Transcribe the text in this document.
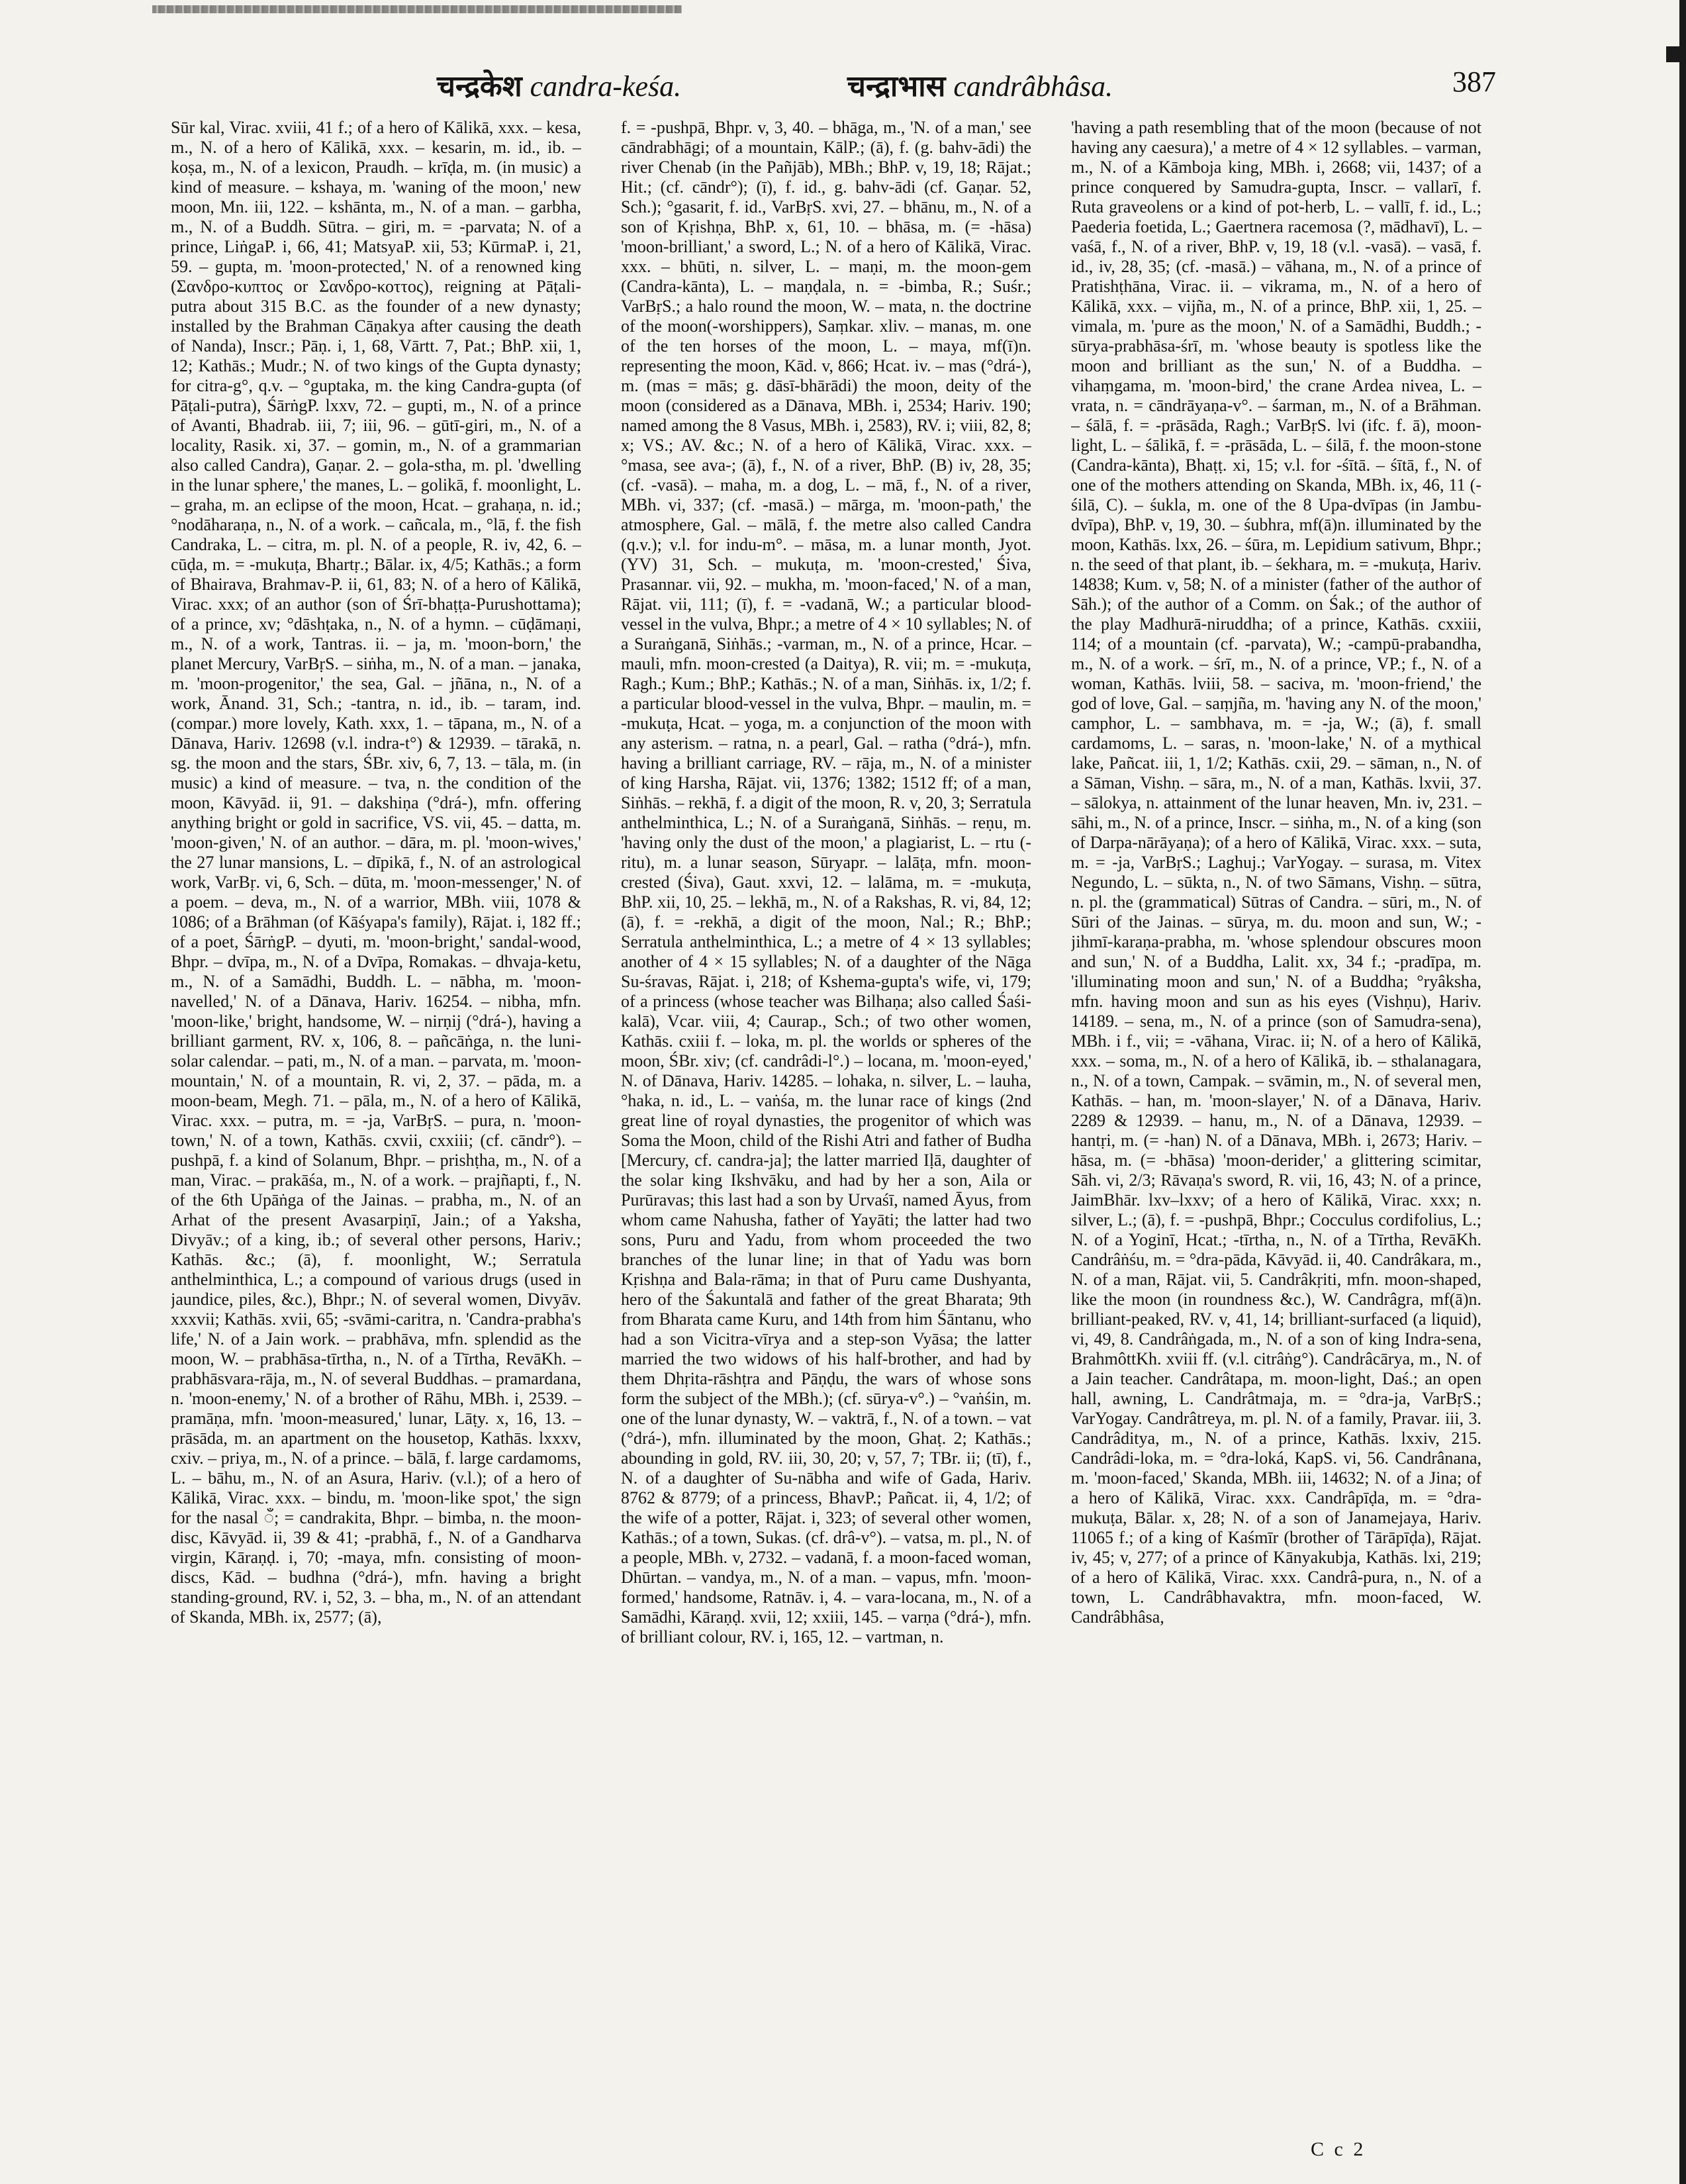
चन्द्रकेश candra-keśa.	चन्द्राभास candrâbhâsa.	387

Sūr kal, Virac. xviii, 41 f.; of a hero of Kālikā, xxx. – kesa, m., N. of a hero of Kālikā, xxx. – kesarin, m. id., ib. – koṣa, m., N. of a lexicon, Praudh. – krīḍa, m. (in music) a kind of measure. – kshaya, m. 'waning of the moon,' new moon, Mn. iii, 122. – kshānta, m., N. of a man. – garbha, m., N. of a Buddh. Sūtra. – giri, m. = -parvata; N. of a prince, LiṅgaP. i, 66, 41; MatsyaP. xii, 53; KūrmaP. i, 21, 59. – gupta, m. 'moon-protected,' N. of a renowned king (Σανδρο-κυπτος or Σανδρο-κοττος), reigning at Pāṭali-putra about 315 B.C. as the founder of a new dynasty; installed by the Brahman Cāṇakya after causing the death of Nanda), Inscr.; Pāṇ. i, 1, 68, Vārtt. 7, Pat.; BhP. xii, 1, 12; Kathās.; Mudr.; N. of two kings of the Gupta dynasty; for citra-g°, q.v. – °guptaka, m. the king Candra-gupta (of Pāṭali-putra), ŚārṅgP. lxxv, 72. – gupti, m., N. of a prince of Avanti, Bhadrab. iii, 7; iii, 96. – gūtī-giri, m., N. of a locality, Rasik. xi, 37. – gomin, m., N. of a grammarian also called Candra), Gaṇar. 2. – gola-stha, m. pl. 'dwelling in the lunar sphere,' the manes, L. – golikā, f. moonlight, L. – graha, m. an eclipse of the moon, Hcat. – grahaṇa, n. id.; °nodāharaṇa, n., N. of a work. – cañcala, m., °lā, f. the fish Candraka, L. – citra, m. pl. N. of a people, R. iv, 42, 6. – cūḍa, m. = -mukuṭa, Bhartṛ.; Bālar. ix, 4/5; Kathās.; a form of Bhairava, Brahmav-P. ii, 61, 83; N. of a hero of Kālikā, Virac. xxx; of an author (son of Śrī-bhaṭṭa-Purushottama); of a prince, xv; °dāshṭaka, n., N. of a hymn. – cūḍāmaṇi, m., N. of a work, Tantras. ii. – ja, m. 'moon-born,' the planet Mercury, VarBṛS. – siṅha, m., N. of a man. – janaka, m. 'moon-progenitor,' the sea, Gal. – jñāna, n., N. of a work, Ānand. 31, Sch.; -tantra, n. id., ib. – taram, ind. (compar.) more lovely, Kath. xxx, 1. – tāpana, m., N. of a Dānava, Hariv. 12698 (v.l. indra-t°) & 12939. – tārakā, n. sg. the moon and the stars, ŚBr. xiv, 6, 7, 13. – tāla, m. (in music) a kind of measure. – tva, n. the condition of the moon, Kāvyād. ii, 91. – dakshiṇa (°drá-), mfn. offering anything bright or gold in sacrifice, VS. vii, 45. – datta, m. 'moon-given,' N. of an author. – dāra, m. pl. 'moon-wives,' the 27 lunar mansions, L. – dīpikā, f., N. of an astrological work, VarBṛ. vi, 6, Sch. – dūta, m. 'moon-messenger,' N. of a poem. – deva, m., N. of a warrior, MBh. viii, 1078 & 1086; of a Brāhman (of Kāśyapa's family), Rājat. i, 182 ff.; of a poet, ŚārṅgP. – dyuti, m. 'moon-bright,' sandal-wood, Bhpr. – dvīpa, m., N. of a Dvīpa, Romakas. – dhvaja-ketu, m., N. of a Samādhi, Buddh. L. – nābha, m. 'moon-navelled,' N. of a Dānava, Hariv. 16254. – nibha, mfn. 'moon-like,' bright, handsome, W. – nirṇij (°drá-), having a brilliant garment, RV. x, 106, 8. – pañcāṅga, n. the luni-solar calendar. – pati, m., N. of a man. – parvata, m. 'moon-mountain,' N. of a mountain, R. vi, 2, 37. – pāda, m. a moon-beam, Megh. 71. – pāla, m., N. of a hero of Kālikā, Virac. xxx. – putra, m. = -ja, VarBṛS. – pura, n. 'moon-town,' N. of a town, Kathās. cxvii, cxxiii; (cf. cāndr°). – pushpā, f. a kind of Solanum, Bhpr. – prishṭha, m., N. of a man, Virac. – prakāśa, m., N. of a work. – prajñapti, f., N. of the 6th Upāṅga of the Jainas. – prabha, m., N. of an Arhat of the present Avasarpiṇī, Jain.; of a Yaksha, Divyāv.; of a king, ib.; of several other persons, Hariv.; Kathās. &c.; (ā), f. moonlight, W.; Serratula anthelminthica, L.; a compound of various drugs (used in jaundice, piles, &c.), Bhpr.; N. of several women, Divyāv. xxxvii; Kathās. xvii, 65; -svāmi-caritra, n. 'Candra-prabha's life,' N. of a Jain work. – prabhāva, mfn. splendid as the moon, W. – prabhāsa-tīrtha, n., N. of a Tīrtha, RevāKh. – prabhāsvara-rāja, m., N. of several Buddhas. – pramardana, n. 'moon-enemy,' N. of a brother of Rāhu, MBh. i, 2539. – pramāṇa, mfn. 'moon-measured,' lunar, Lāṭy. x, 16, 13. – prāsāda, m. an apartment on the housetop, Kathās. lxxxv, cxiv. – priya, m., N. of a prince. – bālā, f. large cardamoms, L. – bāhu, m., N. of an Asura, Hariv. (v.l.); of a hero of Kālikā, Virac. xxx. – bindu, m. 'moon-like spot,' the sign for the nasal ँ; = candrakita, Bhpr. – bimba, n. the moon-disc, Kāvyād. ii, 39 & 41; -prabhā, f., N. of a Gandharva virgin, Kāraṇḍ. i, 70; -maya, mfn. consisting of moon-discs, Kād. – budhna (°drá-), mfn. having a bright standing-ground, RV. i, 52, 3. – bha, m., N. of an attendant of Skanda, MBh. ix, 2577; (ā),

f. = -pushpā, Bhpr. v, 3, 40. – bhāga, m., 'N. of a man,' see cāndrabhāgi; of a mountain, KālP.; (ā), f. (g. bahv-ādi) the river Chenab (in the Pañjāb), MBh.; BhP. v, 19, 18; Rājat.; Hit.; (cf. cāndr°); (ī), f. id., g. bahv-ādi (cf. Gaṇar. 52, Sch.); °gasarit, f. id., VarBṛS. xvi, 27. – bhānu, m., N. of a son of Kṛishṇa, BhP. x, 61, 10. – bhāsa, m. (= -hāsa) 'moon-brilliant,' a sword, L.; N. of a hero of Kālikā, Virac. xxx. – bhūti, n. silver, L. – maṇi, m. the moon-gem (Candra-kānta), L. – maṇḍala, n. = -bimba, R.; Suśr.; VarBṛS.; a halo round the moon, W. – mata, n. the doctrine of the moon(-worshippers), Saṃkar. xliv. – manas, m. one of the ten horses of the moon, L. – maya, mf(ī)n. representing the moon, Kād. v, 866; Hcat. iv. – mas (°drá-), m. (mas = mās; g. dāsī-bhārādi) the moon, deity of the moon (considered as a Dānava, MBh. i, 2534; Hariv. 190; named among the 8 Vasus, MBh. i, 2583), RV. i; viii, 82, 8; x; VS.; AV. &c.; N. of a hero of Kālikā, Virac. xxx. – °masa, see ava-; (ā), f., N. of a river, BhP. (B) iv, 28, 35; (cf. -vasā). – maha, m. a dog, L. – mā, f., N. of a river, MBh. vi, 337; (cf. -masā.) – mārga, m. 'moon-path,' the atmosphere, Gal. – mālā, f. the metre also called Candra (q.v.); v.l. for indu-m°. – māsa, m. a lunar month, Jyot. (YV) 31, Sch. – mukuṭa, m. 'moon-crested,' Śiva, Prasannar. vii, 92. – mukha, m. 'moon-faced,' N. of a man, Rājat. vii, 111; (ī), f. = -vadanā, W.; a particular blood-vessel in the vulva, Bhpr.; a metre of 4 × 10 syllables; N. of a Suraṅganā, Siṅhās.; -varman, m., N. of a prince, Hcar. – mauli, mfn. moon-crested (a Daitya), R. vii; m. = -mukuṭa, Ragh.; Kum.; BhP.; Kathās.; N. of a man, Siṅhās. ix, 1/2; f. a particular blood-vessel in the vulva, Bhpr. – maulin, m. = -mukuṭa, Hcat. – yoga, m. a conjunction of the moon with any asterism. – ratna, n. a pearl, Gal. – ratha (°drá-), mfn. having a brilliant carriage, RV. – rāja, m., N. of a minister of king Harsha, Rājat. vii, 1376; 1382; 1512 ff; of a man, Siṅhās. – rekhā, f. a digit of the moon, R. v, 20, 3; Serratula anthelminthica, L.; N. of a Suraṅganā, Siṅhās. – reṇu, m. 'having only the dust of the moon,' a plagiarist, L. – rtu (-ritu), m. a lunar season, Sūryapr. – lalāṭa, mfn. moon-crested (Śiva), Gaut. xxvi, 12. – lalāma, m. = -mukuṭa, BhP. xii, 10, 25. – lekhā, m., N. of a Rakshas, R. vi, 84, 12; (ā), f. = -rekhā, a digit of the moon, Nal.; R.; BhP.; Serratula anthelminthica, L.; a metre of 4 × 13 syllables; another of 4 × 15 syllables; N. of a daughter of the Nāga Su-śravas, Rājat. i, 218; of Kshema-gupta's wife, vi, 179; of a princess (whose teacher was Bilhaṇa; also called Śaśi-kalā), Vcar. viii, 4; Caurap., Sch.; of two other women, Kathās. cxiii f. – loka, m. pl. the worlds or spheres of the moon, ŚBr. xiv; (cf. candrâdi-l°.) – locana, m. 'moon-eyed,' N. of Dānava, Hariv. 14285. – lohaka, n. silver, L. – lauha, °haka, n. id., L. – vaṅśa, m. the lunar race of kings (2nd great line of royal dynasties, the progenitor of which was Soma the Moon, child of the Rishi Atri and father of Budha [Mercury, cf. candra-ja]; the latter married Iḷā, daughter of the solar king Ikshvāku, and had by her a son, Aila or Purūravas; this last had a son by Urvaśī, named Āyus, from whom came Nahusha, father of Yayāti; the latter had two sons, Puru and Yadu, from whom proceeded the two branches of the lunar line; in that of Yadu was born Kṛishṇa and Bala-rāma; in that of Puru came Dushyanta, hero of the Śakuntalā and father of the great Bharata; 9th from Bharata came Kuru, and 14th from him Śāntanu, who had a son Vicitra-vīrya and a step-son Vyāsa; the latter married the two widows of his half-brother, and had by them Dhṛita-rāshṭra and Pāṇḍu, the wars of whose sons form the subject of the MBh.); (cf. sūrya-v°.) – °vaṅśin, m. one of the lunar dynasty, W. – vaktrā, f., N. of a town. – vat (°drá-), mfn. illuminated by the moon, Ghaṭ. 2; Kathās.; abounding in gold, RV. iii, 30, 20; v, 57, 7; TBr. ii; (tī), f., N. of a daughter of Su-nābha and wife of Gada, Hariv. 8762 & 8779; of a princess, BhavP.; Pañcat. ii, 4, 1/2; of the wife of a potter, Rājat. i, 323; of several other women, Kathās.; of a town, Sukas. (cf. drâ-v°). – vatsa, m. pl., N. of a people, MBh. v, 2732. – vadanā, f. a moon-faced woman, Dhūrtan. – vandya, m., N. of a man. – vapus, mfn. 'moon-formed,' handsome, Ratnāv. i, 4. – vara-locana, m., N. of a Samādhi, Kāraṇḍ. xvii, 12; xxiii, 145. – varṇa (°drá-), mfn. of brilliant colour, RV. i, 165, 12. – vartman, n.

'having a path resembling that of the moon (because of not having any caesura),' a metre of 4 × 12 syllables. – varman, m., N. of a Kāmboja king, MBh. i, 2668; vii, 1437; of a prince conquered by Samudra-gupta, Inscr. – vallarī, f. Ruta graveolens or a kind of pot-herb, L. – vallī, f. id., L.; Paederia foetida, L.; Gaertnera racemosa (?, mādhavī), L. – vaśā, f., N. of a river, BhP. v, 19, 18 (v.l. -vasā). – vasā, f. id., iv, 28, 35; (cf. -masā.) – vāhana, m., N. of a prince of Pratishṭhāna, Virac. ii. – vikrama, m., N. of a hero of Kālikā, xxx. – vijña, m., N. of a prince, BhP. xii, 1, 25. – vimala, m. 'pure as the moon,' N. of a Samādhi, Buddh.; -sūrya-prabhāsa-śrī, m. 'whose beauty is spotless like the moon and brilliant as the sun,' N. of a Buddha. – vihaṃgama, m. 'moon-bird,' the crane Ardea nivea, L. – vrata, n. = cāndrāyaṇa-v°. – śarman, m., N. of a Brāhman. – śālā, f. = -prāsāda, Ragh.; VarBṛS. lvi (ifc. f. ā), moon-light, L. – śālikā, f. = -prāsāda, L. – śilā, f. the moon-stone (Candra-kānta), Bhaṭṭ. xi, 15; v.l. for -śītā. – śītā, f., N. of one of the mothers attending on Skanda, MBh. ix, 46, 11 (-śilā, C). – śukla, m. one of the 8 Upa-dvīpas (in Jambu-dvīpa), BhP. v, 19, 30. – śubhra, mf(ā)n. illuminated by the moon, Kathās. lxx, 26. – śūra, m. Lepidium sativum, Bhpr.; n. the seed of that plant, ib. – śekhara, m. = -mukuṭa, Hariv. 14838; Kum. v, 58; N. of a minister (father of the author of Sāh.); of the author of a Comm. on Śak.; of the author of the play Madhurā-niruddha; of a prince, Kathās. cxxiii, 114; of a mountain (cf. -parvata), W.; -campū-prabandha, m., N. of a work. – śrī, m., N. of a prince, VP.; f., N. of a woman, Kathās. lviii, 58. – saciva, m. 'moon-friend,' the god of love, Gal. – saṃjña, m. 'having any N. of the moon,' camphor, L. – sambhava, m. = -ja, W.; (ā), f. small cardamoms, L. – saras, n. 'moon-lake,' N. of a mythical lake, Pañcat. iii, 1, 1/2; Kathās. cxii, 29. – sāman, n., N. of a Sāman, Vishṇ. – sāra, m., N. of a man, Kathās. lxvii, 37. – sālokya, n. attainment of the lunar heaven, Mn. iv, 231. – sāhi, m., N. of a prince, Inscr. – siṅha, m., N. of a king (son of Darpa-nārāyaṇa); of a hero of Kālikā, Virac. xxx. – suta, m. = -ja, VarBṛS.; Laghuj.; VarYogay. – surasa, m. Vitex Negundo, L. – sūkta, n., N. of two Sāmans, Vishṇ. – sūtra, n. pl. the (grammatical) Sūtras of Candra. – sūri, m., N. of Sūri of the Jainas. – sūrya, m. du. moon and sun, W.; -jihmī-karaṇa-prabha, m. 'whose splendour obscures moon and sun,' N. of a Buddha, Lalit. xx, 34 f.; -pradīpa, m. 'illuminating moon and sun,' N. of a Buddha; °ryâksha, mfn. having moon and sun as his eyes (Vishṇu), Hariv. 14189. – sena, m., N. of a prince (son of Samudra-sena), MBh. i f., vii; = -vāhana, Virac. ii; N. of a hero of Kālikā, xxx. – soma, m., N. of a hero of Kālikā, ib. – sthalanagara, n., N. of a town, Campak. – svāmin, m., N. of several men, Kathās. – han, m. 'moon-slayer,' N. of a Dānava, Hariv. 2289 & 12939. – hanu, m., N. of a Dānava, 12939. – hantṛi, m. (= -han) N. of a Dānava, MBh. i, 2673; Hariv. – hāsa, m. (= -bhāsa) 'moon-derider,' a glittering scimitar, Sāh. vi, 2/3; Rāvaṇa's sword, R. vii, 16, 43; N. of a prince, JaimBhār. lxv–lxxv; of a hero of Kālikā, Virac. xxx; n. silver, L.; (ā), f. = -pushpā, Bhpr.; Cocculus cordifolius, L.; N. of a Yoginī, Hcat.; -tīrtha, n., N. of a Tīrtha, RevāKh. Candrâṅśu, m. = °dra-pāda, Kāvyād. ii, 40. Candrâkara, m., N. of a man, Rājat. vii, 5. Candrâkṛiti, mfn. moon-shaped, like the moon (in roundness &c.), W. Candrâgra, mf(ā)n. brilliant-peaked, RV. v, 41, 14; brilliant-surfaced (a liquid), vi, 49, 8. Candrâṅgada, m., N. of a son of king Indra-sena, BrahmôttKh. xviii ff. (v.l. citrâṅg°). Candrâcārya, m., N. of a Jain teacher. Candrâtapa, m. moon-light, Daś.; an open hall, awning, L. Candrâtmaja, m. = °dra-ja, VarBṛS.; VarYogay. Candrâtreya, m. pl. N. of a family, Pravar. iii, 3. Candrâditya, m., N. of a prince, Kathās. lxxiv, 215. Candrâdi-loka, m. = °dra-loká, KapS. vi, 56. Candrânana, m. 'moon-faced,' Skanda, MBh. iii, 14632; N. of a Jina; of a hero of Kālikā, Virac. xxx. Candrâpīḍa, m. = °dra-mukuṭa, Bālar. x, 28; N. of a son of Janamejaya, Hariv. 11065 f.; of a king of Kaśmīr (brother of Tārāpīḍa), Rājat. iv, 45; v, 277; of a prince of Kānyakubja, Kathās. lxi, 219; of a hero of Kālikā, Virac. xxx. Candrâ-pura, n., N. of a town, L. Candrâbhavaktra, mfn. moon-faced, W. Candrâbhâsa,

C c 2
